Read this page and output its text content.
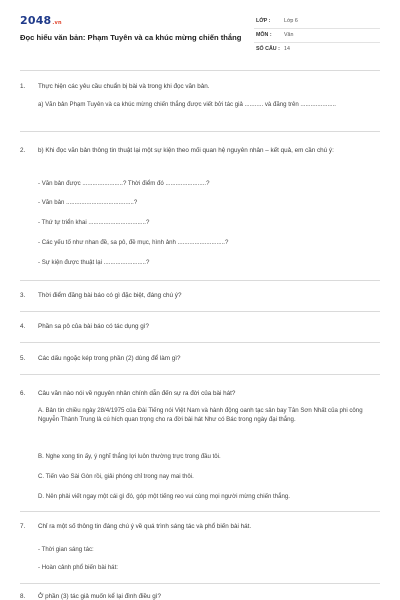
2048.vn
Đọc hiểu văn bản: Phạm Tuyên và ca khúc mừng chiến thắng
LỚP :	Lớp 6
MÔN : Văn
SỐ CÂU : 14
1. Thực hiện các yêu cầu chuẩn bị bài và trong khi đọc văn bản.

a) Văn bản Phạm Tuyên và ca khúc mừng chiến thắng được viết bởi tác giả ........... và đăng trên .....................
2. b) Khi đọc văn bản thông tin thuật lại một sự kiện theo mối quan hệ nguyên nhân – kết quả, em cần chú ý:

- Văn bản được ........................? Thời điểm đó ........................?
- Văn bản ........................................?
- Thứ tự triển khai ..................................?
- Các yếu tố như nhan đề, sa pô, đề mục, hình ảnh ............................?
- Sự kiện được thuật lại .........................?
3. Thời điểm đăng bài báo có gì đặc biệt, đáng chú ý?

4. Phần sa pô của bài báo có tác dụng gì?

5. Các dấu ngoặc kép trong phần (2) dùng để làm gì?

6. Câu văn nào nói về nguyên nhân chính dẫn đến sự ra đời của bài hát?

A. Bản tin chiều ngày 28/4/1975 của Đài Tiếng nói Việt Nam và hành động oanh tạc sân bay Tân Sơn Nhất của phi công Nguyễn Thành Trung là cú hích quan trọng cho ra đời bài hát Như có Bác trong ngày đại thắng.
B. Nghe xong tin ấy, ý nghĩ thắng lợi luôn thường trực trong đầu tôi.
C. Tiến vào Sài Gòn rồi, giải phóng chỉ trong nay mai thôi.
D. Nên phải viết ngay một cái gì đó, góp một tiếng reo vui cùng mọi người mừng chiến thắng.
7. Chỉ ra một số thông tin đáng chú ý về quá trình sáng tác và phổ biến bài hát.

- Thời gian sáng tác:
- Hoàn cảnh phổ biến bài hát:
8. Ở phần (3) tác giả muốn kể lại đình điều gì?
